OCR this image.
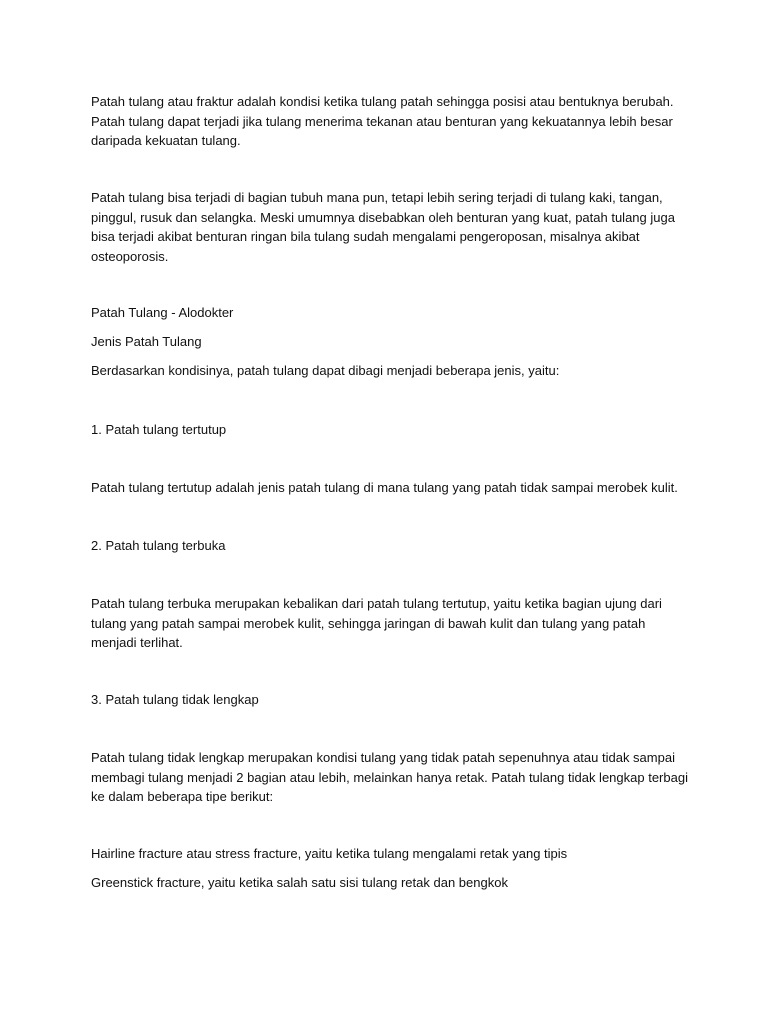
Patah tulang atau fraktur adalah kondisi ketika tulang patah sehingga posisi atau bentuknya berubah.
Patah tulang dapat terjadi jika tulang menerima tekanan atau benturan yang kekuatannya lebih besar
daripada kekuatan tulang.

Patah tulang bisa terjadi di bagian tubuh mana pun, tetapi lebih sering terjadi di tulang kaki, tangan,
pinggul, rusuk dan selangka. Meski umumnya disebabkan oleh benturan yang kuat, patah tulang juga
bisa terjadi akibat benturan ringan bila tulang sudah mengalami pengeroposan, misalnya akibat
osteoporosis.

Patah Tulang - Alodokter

Jenis Patah Tulang

Berdasarkan kondisinya, patah tulang dapat dibagi menjadi beberapa jenis, yaitu:

1. Patah tulang tertutup

Patah tulang tertutup adalah jenis patah tulang di mana tulang yang patah tidak sampai merobek kulit.

2. Patah tulang terbuka

Patah tulang terbuka merupakan kebalikan dari patah tulang tertutup, yaitu ketika bagian ujung dari
tulang yang patah sampai merobek kulit, sehingga jaringan di bawah kulit dan tulang yang patah
menjadi terlihat.

3. Patah tulang tidak lengkap

Patah tulang tidak lengkap merupakan kondisi tulang yang tidak patah sepenuhnya atau tidak sampai
membagi tulang menjadi 2 bagian atau lebih, melainkan hanya retak. Patah tulang tidak lengkap terbagi
ke dalam beberapa tipe berikut:

Hairline fracture atau stress fracture, yaitu ketika tulang mengalami retak yang tipis

Greenstick fracture, yaitu ketika salah satu sisi tulang retak dan bengkok
